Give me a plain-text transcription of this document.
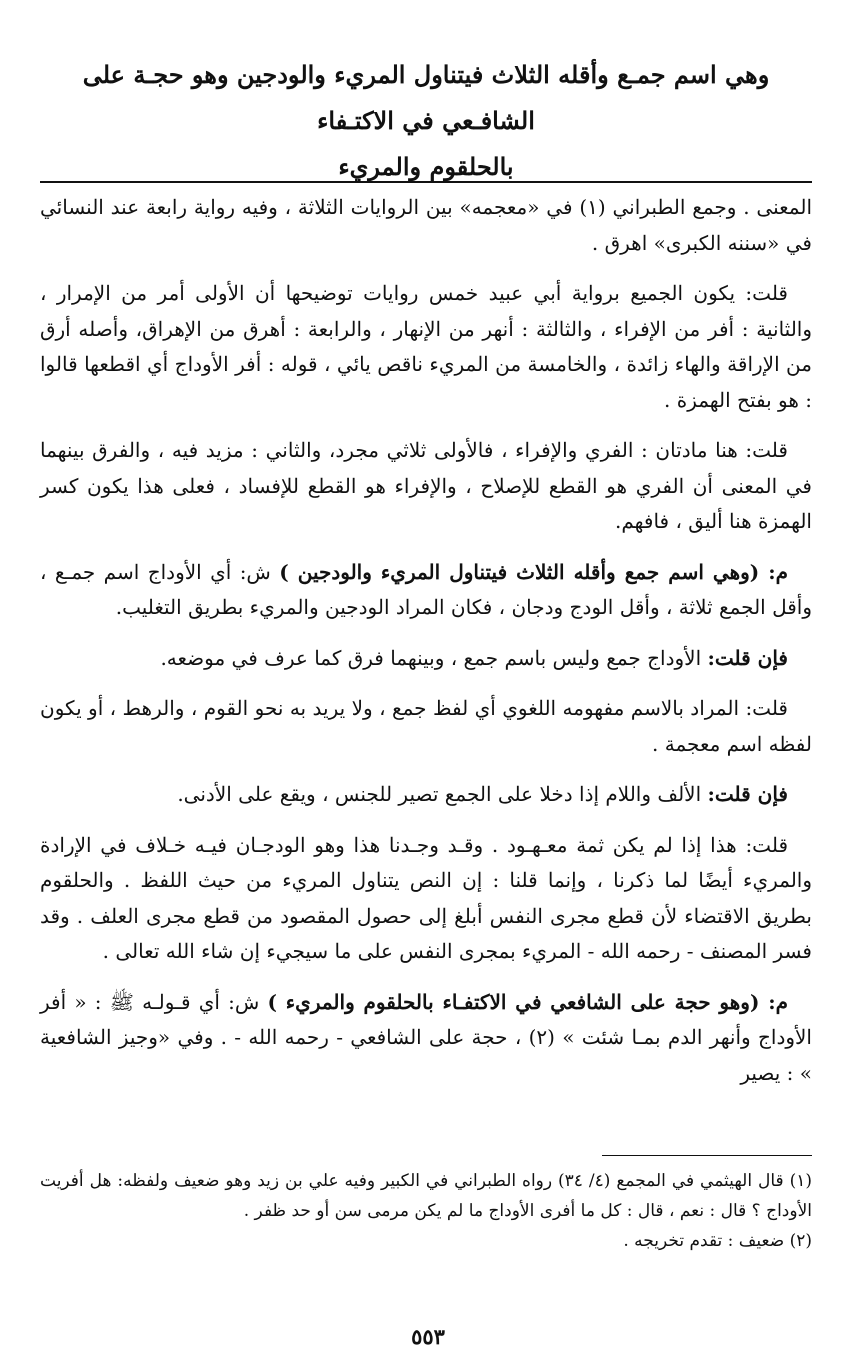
وهي اسم جمـع وأقله الثلاث فيتناول المريء والودجين وهو حجـة على الشافـعي في الاكتـفاء

بالحلقوم والمريء

المعنى . وجمع الطبراني (١) في «معجمه» بين الروايات الثلاثة ، وفيه رواية رابعة عند النسائي في «سننه الكبرى» اهرق .

قلت: يكون الجميع برواية أبي عبيد خمس روايات توضيحها أن الأولى أمر من الإمرار ، والثانية : أفر من الإفراء ، والثالثة : أنهر من الإنهار ، والرابعة : أهرق من الإهراق، وأصله أرق من الإراقة والهاء زائدة ، والخامسة من المريء ناقص يائي ، قوله : أفر الأوداج أي اقطعها قالوا : هو بفتح الهمزة .

قلت: هنا مادتان : الفري والإفراء ، فالأولى ثلاثي مجرد، والثاني : مزيد فيه ، والفرق بينهما في المعنى أن الفري هو القطع للإصلاح ، والإفراء هو القطع للإفساد ، فعلى هذا يكون كسر الهمزة هنا أليق ، فافهم.

م: (وهي اسم جمع وأقله الثلاث فيتناول المريء والودجين ) ش: أي الأوداج اسم جمـع ، وأقل الجمع ثلاثة ، وأقل الودج ودجان ، فكان المراد الودجين والمريء بطريق التغليب.

فإن قلت: الأوداج جمع وليس باسم جمع ، وبينهما فرق كما عرف في موضعه.

قلت: المراد بالاسم مفهومه اللغوي أي لفظ جمع ، ولا يريد به نحو القوم ، والرهط ، أو يكون لفظه اسم معجمة .

فإن قلت: الألف واللام إذا دخلا على الجمع تصير للجنس ، ويقع على الأدنى.

قلت: هذا إذا لم يكن ثمة معـهـود . وقـد وجـدنا هذا وهو الودجـان فيـه خـلاف في الإرادة والمريء أيضًا لما ذكرنا ، وإنما قلنا : إن النص يتناول المريء من حيث اللفظ . والحلقوم بطريق الاقتضاء لأن قطع مجرى النفس أبلغ إلى حصول المقصود من قطع مجرى العلف . وقد فسر المصنف - رحمه الله - المريء بمجرى النفس على ما سيجيء إن شاء الله تعالى .

م: (وهو حجة على الشافعي في الاكتفـاء بالحلقوم والمريء ) ش: أي قـولـه ﷺ : « أفر الأوداج وأنهر الدم بمـا شئت » (٢) ، حجة على الشافعي - رحمه الله - . وفي «وجيز الشافعية » : يصير

(١) قال الهيثمي في المجمع (٤/ ٣٤) رواه الطبراني في الكبير وفيه علي بن زيد وهو ضعيف ولفظه: هل أفريت الأوداج ؟ قال : نعم ، قال : كل ما أفرى الأوداج ما لم يكن مرمى سن أو حد ظفر .

(٢) ضعيف : تقدم تخريجه .

٥٥٣
